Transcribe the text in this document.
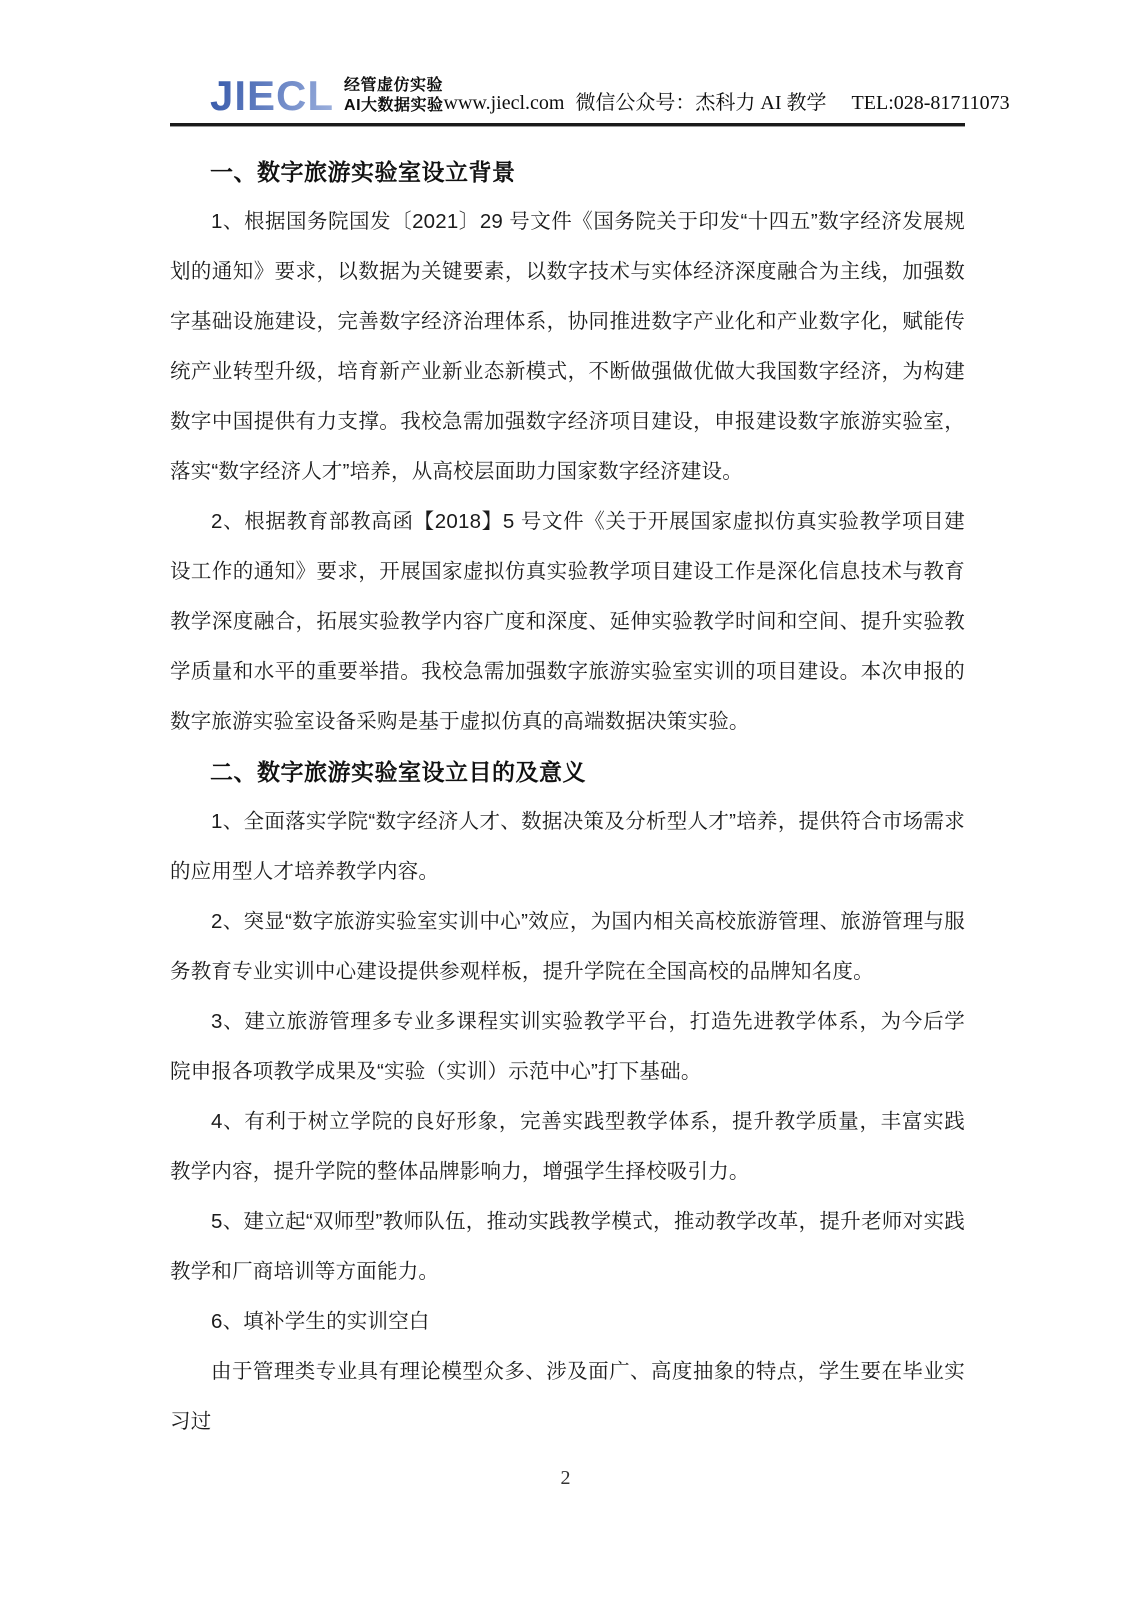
JIECL 经管虚仿实验
AI大数据实验 www.jiecl.com 微信公众号：杰科力 AI 教学 TEL:028-81711073
一、数字旅游实验室设立背景

1、根据国务院国发〔2021〕29 号文件《国务院关于印发“十四五”数字经济发展规划的通知》要求，以数据为关键要素，以数字技术与实体经济深度融合为主线，加强数字基础设施建设，完善数字经济治理体系，协同推进数字产业化和产业数字化，赋能传统产业转型升级，培育新产业新业态新模式，不断做强做优做大我国数字经济，为构建数字中国提供有力支撑。我校急需加强数字经济项目建设，申报建设数字旅游实验室，落实“数字经济人才”培养，从高校层面助力国家数字经济建设。

2、根据教育部教高函【2018】5 号文件《关于开展国家虚拟仿真实验教学项目建设工作的通知》要求，开展国家虚拟仿真实验教学项目建设工作是深化信息技术与教育教学深度融合，拓展实验教学内容广度和深度、延伸实验教学时间和空间、提升实验教学质量和水平的重要举措。我校急需加强数字旅游实验室实训的项目建设。本次申报的数字旅游实验室设备采购是基于虚拟仿真的高端数据决策实验。

二、数字旅游实验室设立目的及意义

1、全面落实学院“数字经济人才、数据决策及分析型人才”培养，提供符合市场需求的应用型人才培养教学内容。

2、突显“数字旅游实验室实训中心”效应，为国内相关高校旅游管理、旅游管理与服务教育专业实训中心建设提供参观样板，提升学院在全国高校的品牌知名度。

3、建立旅游管理多专业多课程实训实验教学平台，打造先进教学体系，为今后学院申报各项教学成果及“实验（实训）示范中心”打下基础。

4、有利于树立学院的良好形象，完善实践型教学体系，提升教学质量，丰富实践教学内容，提升学院的整体品牌影响力，增强学生择校吸引力。

5、建立起“双师型”教师队伍，推动实践教学模式，推动教学改革，提升老师对实践教学和厂商培训等方面能力。

6、填补学生的实训空白

由于管理类专业具有理论模型众多、涉及面广、高度抽象的特点，学生要在毕业实习过

2
